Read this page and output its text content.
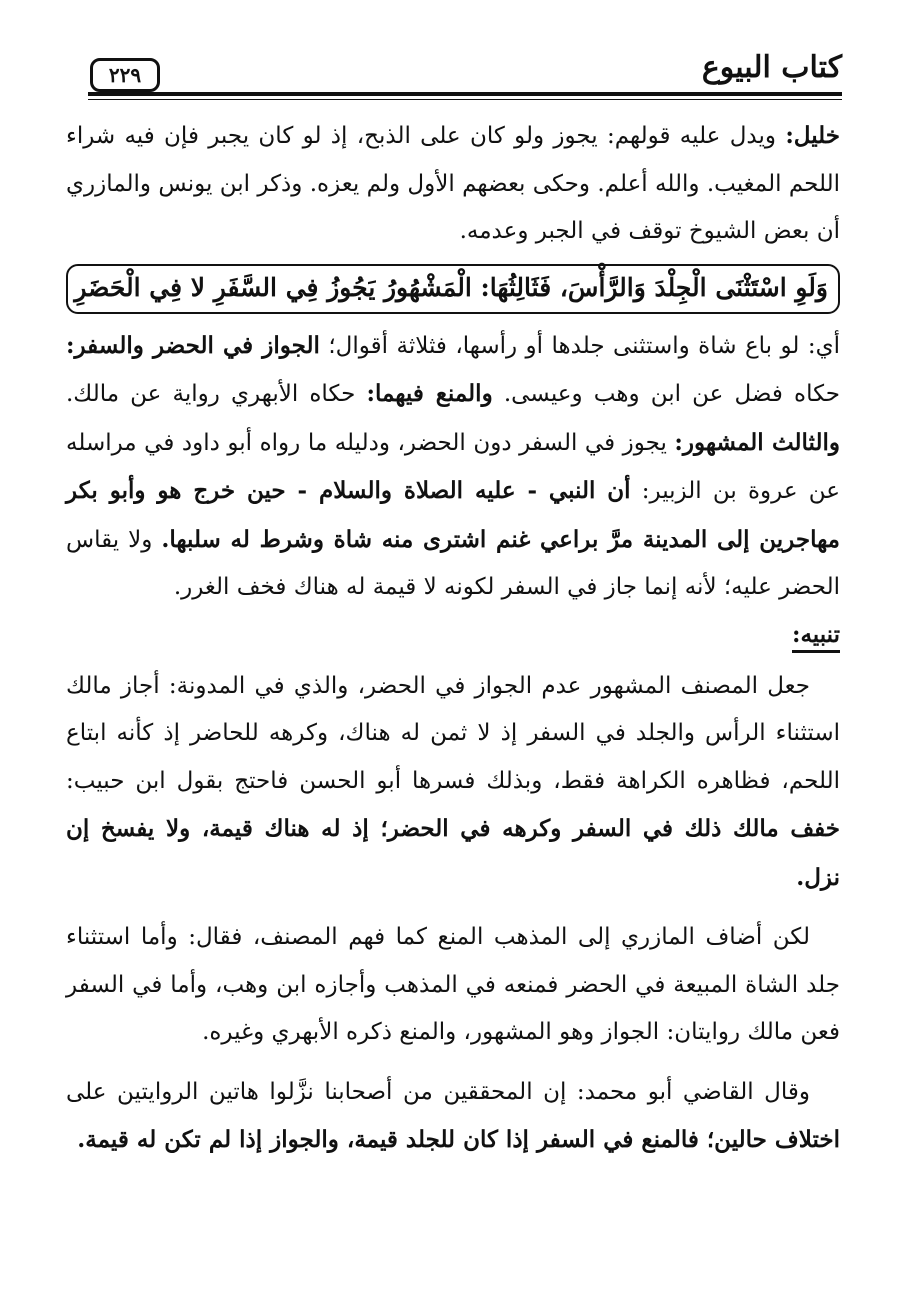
كتاب البيوع
٢٢٩

خليل: ويدل عليه قولهم: يجوز ولو كان على الذبح، إذ لو كان يجبر فإن فيه شراء اللحم المغيب. والله أعلم. وحكى بعضهم الأول ولم يعزه. وذكر ابن يونس والمازري أن بعض الشيوخ توقف في الجبر وعدمه.

وَلَوِ اسْتَثْنَى الْجِلْدَ وَالرَّأْسَ، فَثَالِثُهَا: الْمَشْهُورُ يَجُوزُ فِي السَّفَرِ لا فِي الْحَضَرِ

أي: لو باع شاة واستثنى جلدها أو رأسها، فثلاثة أقوال؛ الجواز في الحضر والسفر: حكاه فضل عن ابن وهب وعيسى. والمنع فيهما: حكاه الأبهري رواية عن مالك. والثالث المشهور: يجوز في السفر دون الحضر، ودليله ما رواه أبو داود في مراسله عن عروة بن الزبير: أن النبي - عليه الصلاة والسلام - حين خرج هو وأبو بكر مهاجرين إلى المدينة مرَّ براعي غنم اشترى منه شاة وشرط له سلبها. ولا يقاس الحضر عليه؛ لأنه إنما جاز في السفر لكونه لا قيمة له هناك فخف الغرر.

تنبيه:

جعل المصنف المشهور عدم الجواز في الحضر، والذي في المدونة: أجاز مالك استثناء الرأس والجلد في السفر إذ لا ثمن له هناك، وكرهه للحاضر إذ كأنه ابتاع اللحم، فظاهره الكراهة فقط، وبذلك فسرها أبو الحسن فاحتج بقول ابن حبيب: خفف مالك ذلك في السفر وكرهه في الحضر؛ إذ له هناك قيمة، ولا يفسخ إن نزل.

لكن أضاف المازري إلى المذهب المنع كما فهم المصنف، فقال: وأما استثناء جلد الشاة المبيعة في الحضر فمنعه في المذهب وأجازه ابن وهب، وأما في السفر فعن مالك روايتان: الجواز وهو المشهور، والمنع ذكره الأبهري وغيره.

وقال القاضي أبو محمد: إن المحققين من أصحابنا نزَّلوا هاتين الروايتين على اختلاف حالين؛ فالمنع في السفر إذا كان للجلد قيمة، والجواز إذا لم تكن له قيمة.
